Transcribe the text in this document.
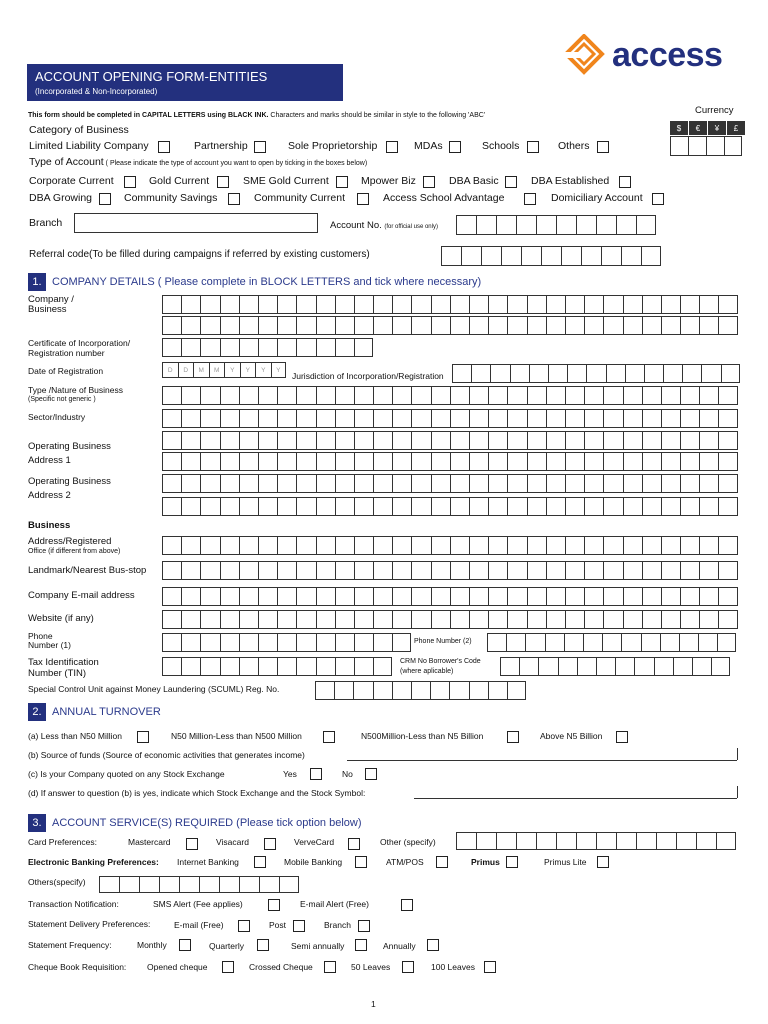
access
ACCOUNT OPENING FORM-ENTITIES
(Incorporated & Non-Incorporated)
This form should be completed in CAPITAL LETTERS using BLACK INK. Characters and marks should be similar in style to the following 'ABC'	Currency
$ € ¥ £
Category of Business
Limited Liability Company	Partnership	Sole Proprietorship	MDAs	Schools	Others
Type of Account ( Please indicate the type of account you want to open by ticking in the boxes below)
Corporate Current	Gold Current	SME Gold Current	Mpower Biz	DBA Basic	DBA Established
DBA Growing	Community Savings	Community Current	Access School Advantage	Domiciliary Account
Branch	Account No. (for official use only)
Referral code(To be filled during campaigns if referred by existing customers)
1. COMPANY DETAILS ( Please complete in BLOCK LETTERS and tick where necessary)
Company /
Business
Certificate of Incorporation/
Registration number
Date of Registration	Jurisdiction of Incorporation/Registration
Type /Nature of Business
(Specific not generic )
Sector/Industry
Operating Business
Address 1
Operating Business
Address 2
Business
Address/Registered
Office (if different from above)
Landmark/Nearest Bus-stop
Company E-mail address
Website (if any)
Phone
Number (1)	Phone Number (2)
Tax Identification
Number (TIN)
CRM No Borrower's Code
(where aplicable)
Special Control Unit against Money Laundering (SCUML) Reg. No.
D	D	M	M	Y	Y	Y	Y
2. ANNUAL TURNOVER
(a) Less than N50 Million	N50 Million-Less than N500 Million	N500Million-Less than N5 Billion	Above N5 Billion
(b) Source of funds (Source of economic activities that generates income)
(c) Is your Company quoted on any Stock Exchange	Yes	No
(d) If answer to question (b) is yes, indicate which Stock Exchange and the Stock Symbol:
3. ACCOUNT SERVICE(S) REQUIRED (Please tick option below)
Card Preferences:	Mastercard	Visacard	VerveCard	Other (specify)
Electronic Banking Preferences: Internet Banking	Mobile Banking	ATM/POS	Primus	Primus Lite
Others(specify)
Transaction Notification:	SMS Alert (Fee applies)	E-mail Alert (Free)
Statement Delivery Preferences:	E-mail (Free)	Post	Branch
Statement Frequency:	Monthly	Quarterly	Semi annually	Annually
Cheque Book Requisition: Opened cheque	Crossed Cheque	50 Leaves	100 Leaves
1
